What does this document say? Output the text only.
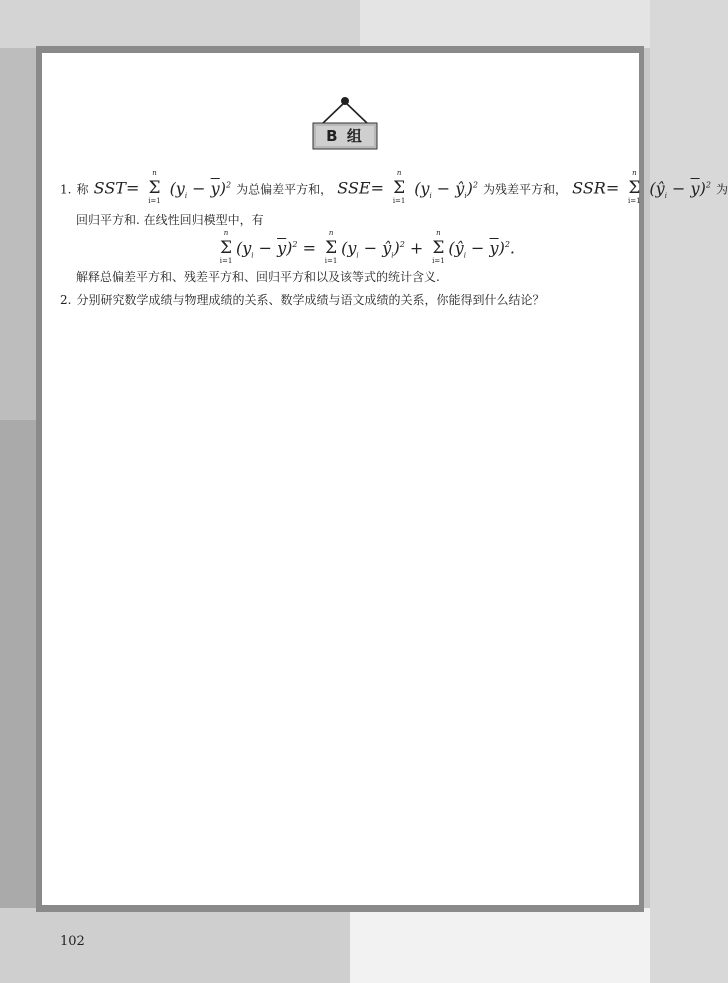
B 组
1. 称 SST=
n
Σ
i=1
$(y_i - \overline{y})^2$ 为总偏差平方和， SSE=
n
Σ
i=1
($y_i$ − $ŷ_i)^2$ 为残差平方和， SSR=
n
Σ
i=1
$(ŷ_i - \overline{y})^2$ 为
回归平方和. 在线性回归模型中，有
n
Σ
i=1
$(y_i - \overline{y})^2$ =
n
Σ
i=1
($y_i$ − $ŷ_i)^2$ +
n
Σ
i=1
$(ŷ_i - \overline{y})^2$.
解释总偏差平方和、残差平方和、回归平方和以及该等式的统计含义.
2. 分别研究数学成绩与物理成绩的关系、数学成绩与语文成绩的关系，你能得到什么结论？
102
